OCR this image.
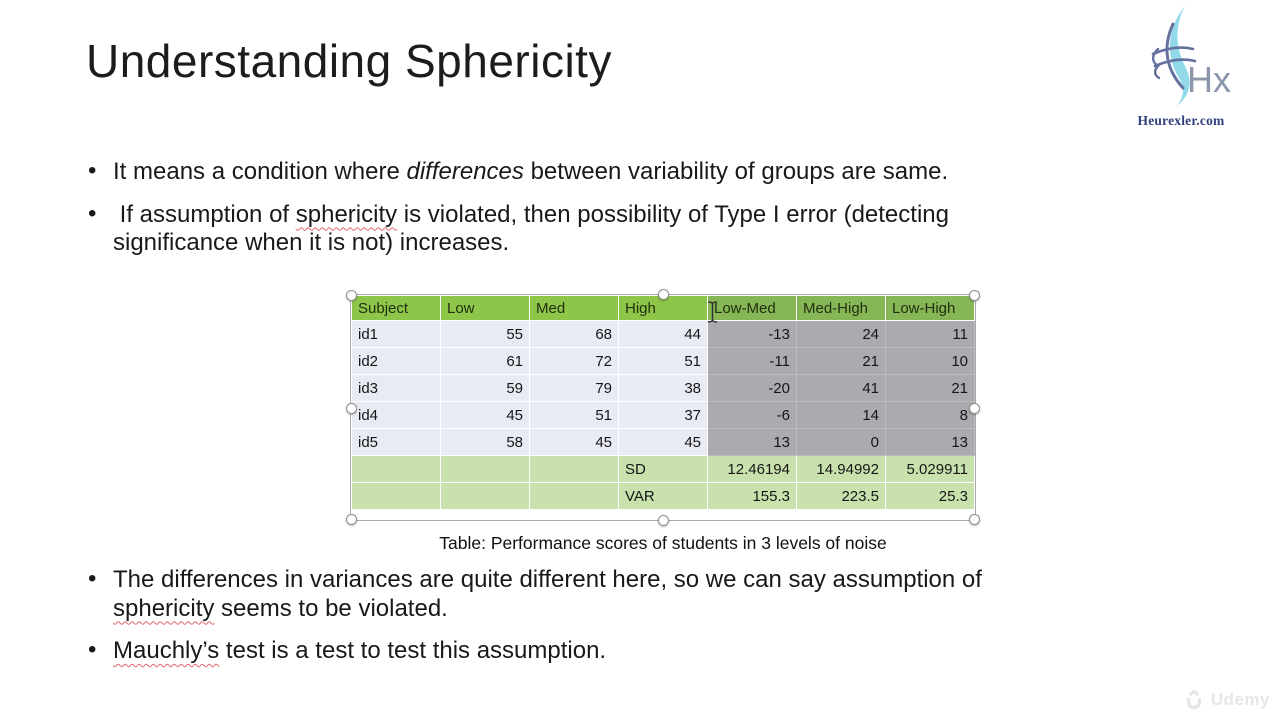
Understanding Sphericity	Hx
Heurexler.com
• It means a condition where differences between variability of groups are same.
•  If assumption of sphericity is violated, then possibility of Type I error (detecting
significance when it is not) increases.
Subject	Low	Med	High	Low-Med	Med-High	Low-High
id1	55	68	44	-13	24	11
id2	61	72	51	-11	21	10
id3	59	79	38	-20	41	21
id4	45	51	37	-6	14	8
id5	58	45	45	13	0	13
			SD	12.46194	14.94992	5.029911
			VAR	155.3	223.5	25.3
Table: Performance scores of students in 3 levels of noise
• The differences in variances are quite different here, so we can say assumption of
sphericity seems to be violated.
• Mauchly’s test is a test to test this assumption.
Udemy
